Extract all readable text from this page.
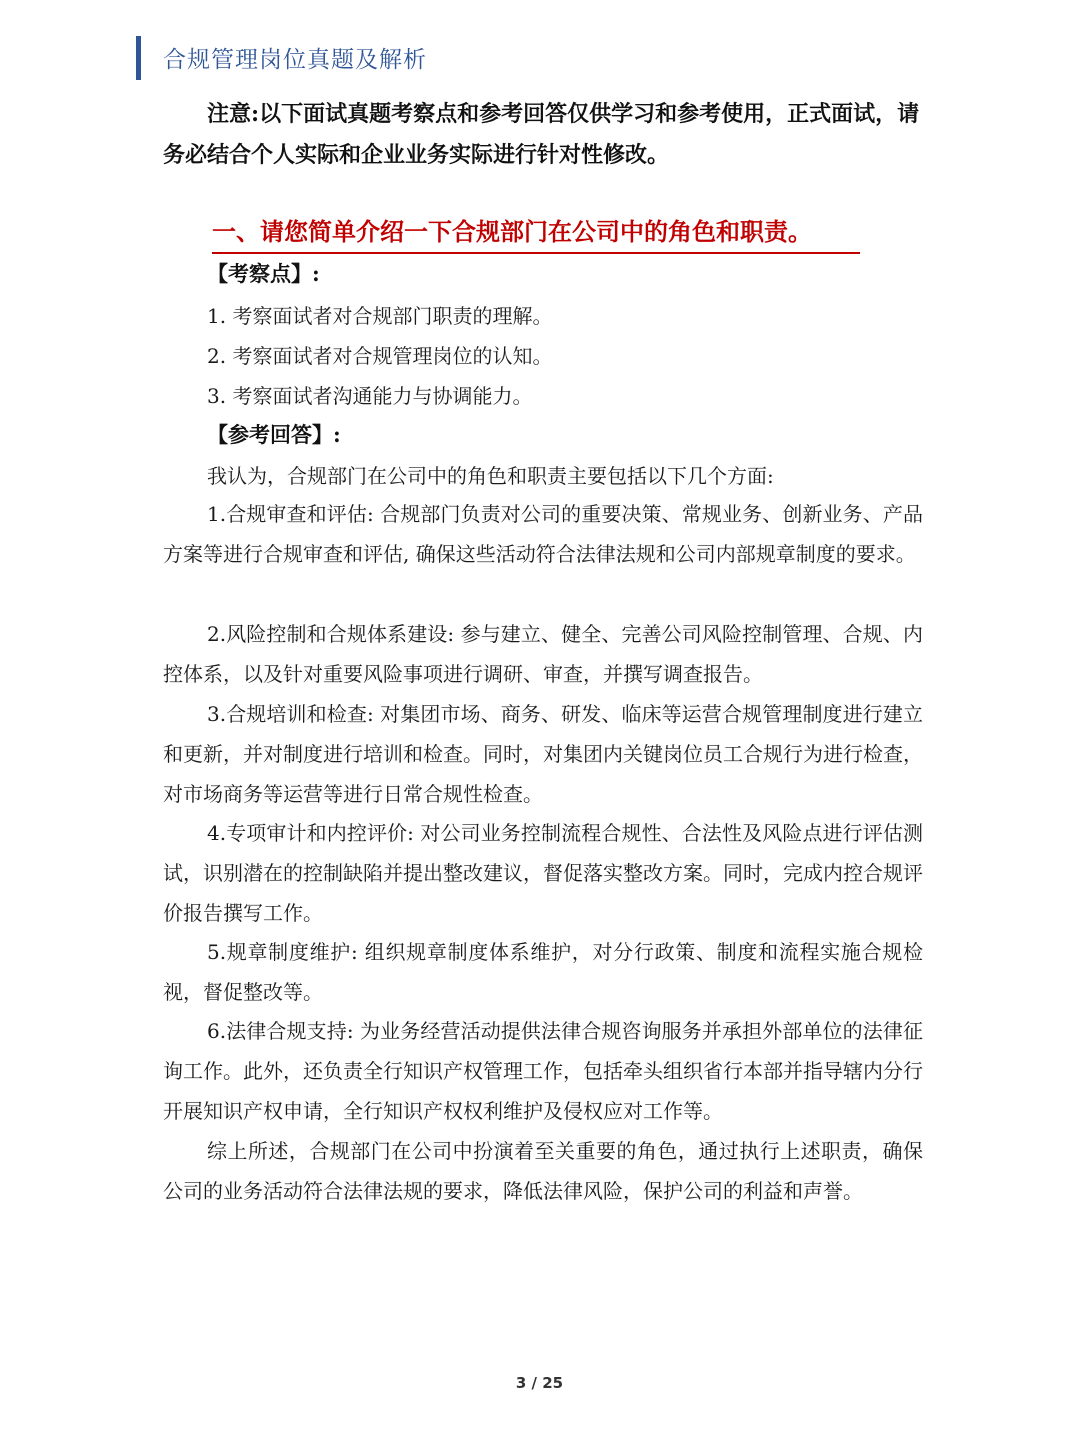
合规管理岗位真题及解析
注意:以下面试真题考察点和参考回答仅供学习和参考使用，正式面试，请
务必结合个人实际和企业业务实际进行针对性修改。
一、请您简单介绍一下合规部门在公司中的角色和职责。
【考察点】:
1. 考察面试者对合规部门职责的理解。
2. 考察面试者对合规管理岗位的认知。
3. 考察面试者沟通能力与协调能力。
【参考回答】:
我认为，合规部门在公司中的角色和职责主要包括以下几个方面:
1.合规审查和评估: 合规部门负责对公司的重要决策、常规业务、创新业务、产品方案等进行合规审查和评估, 确保这些活动符合法律法规和公司内部规章制度的要求。
2.风险控制和合规体系建设: 参与建立、健全、完善公司风险控制管理、合规、内控体系，以及针对重要风险事项进行调研、审查，并撰写调查报告。
3.合规培训和检查: 对集团市场、商务、研发、临床等运营合规管理制度进行建立和更新，并对制度进行培训和检查。同时，对集团内关键岗位员工合规行为进行检查，对市场商务等运营等进行日常合规性检查。
4.专项审计和内控评价: 对公司业务控制流程合规性、合法性及风险点进行评估测试，识别潜在的控制缺陷并提出整改建议，督促落实整改方案。同时，完成内控合规评价报告撰写工作。
5.规章制度维护: 组织规章制度体系维护，对分行政策、制度和流程实施合规检视，督促整改等。
6.法律合规支持: 为业务经营活动提供法律合规咨询服务并承担外部单位的法律征询工作。此外，还负责全行知识产权管理工作，包括牵头组织省行本部并指导辖内分行开展知识产权申请，全行知识产权权利维护及侵权应对工作等。
综上所述，合规部门在公司中扮演着至关重要的角色，通过执行上述职责，确保公司的业务活动符合法律法规的要求，降低法律风险，保护公司的利益和声誉。
3 / 25
